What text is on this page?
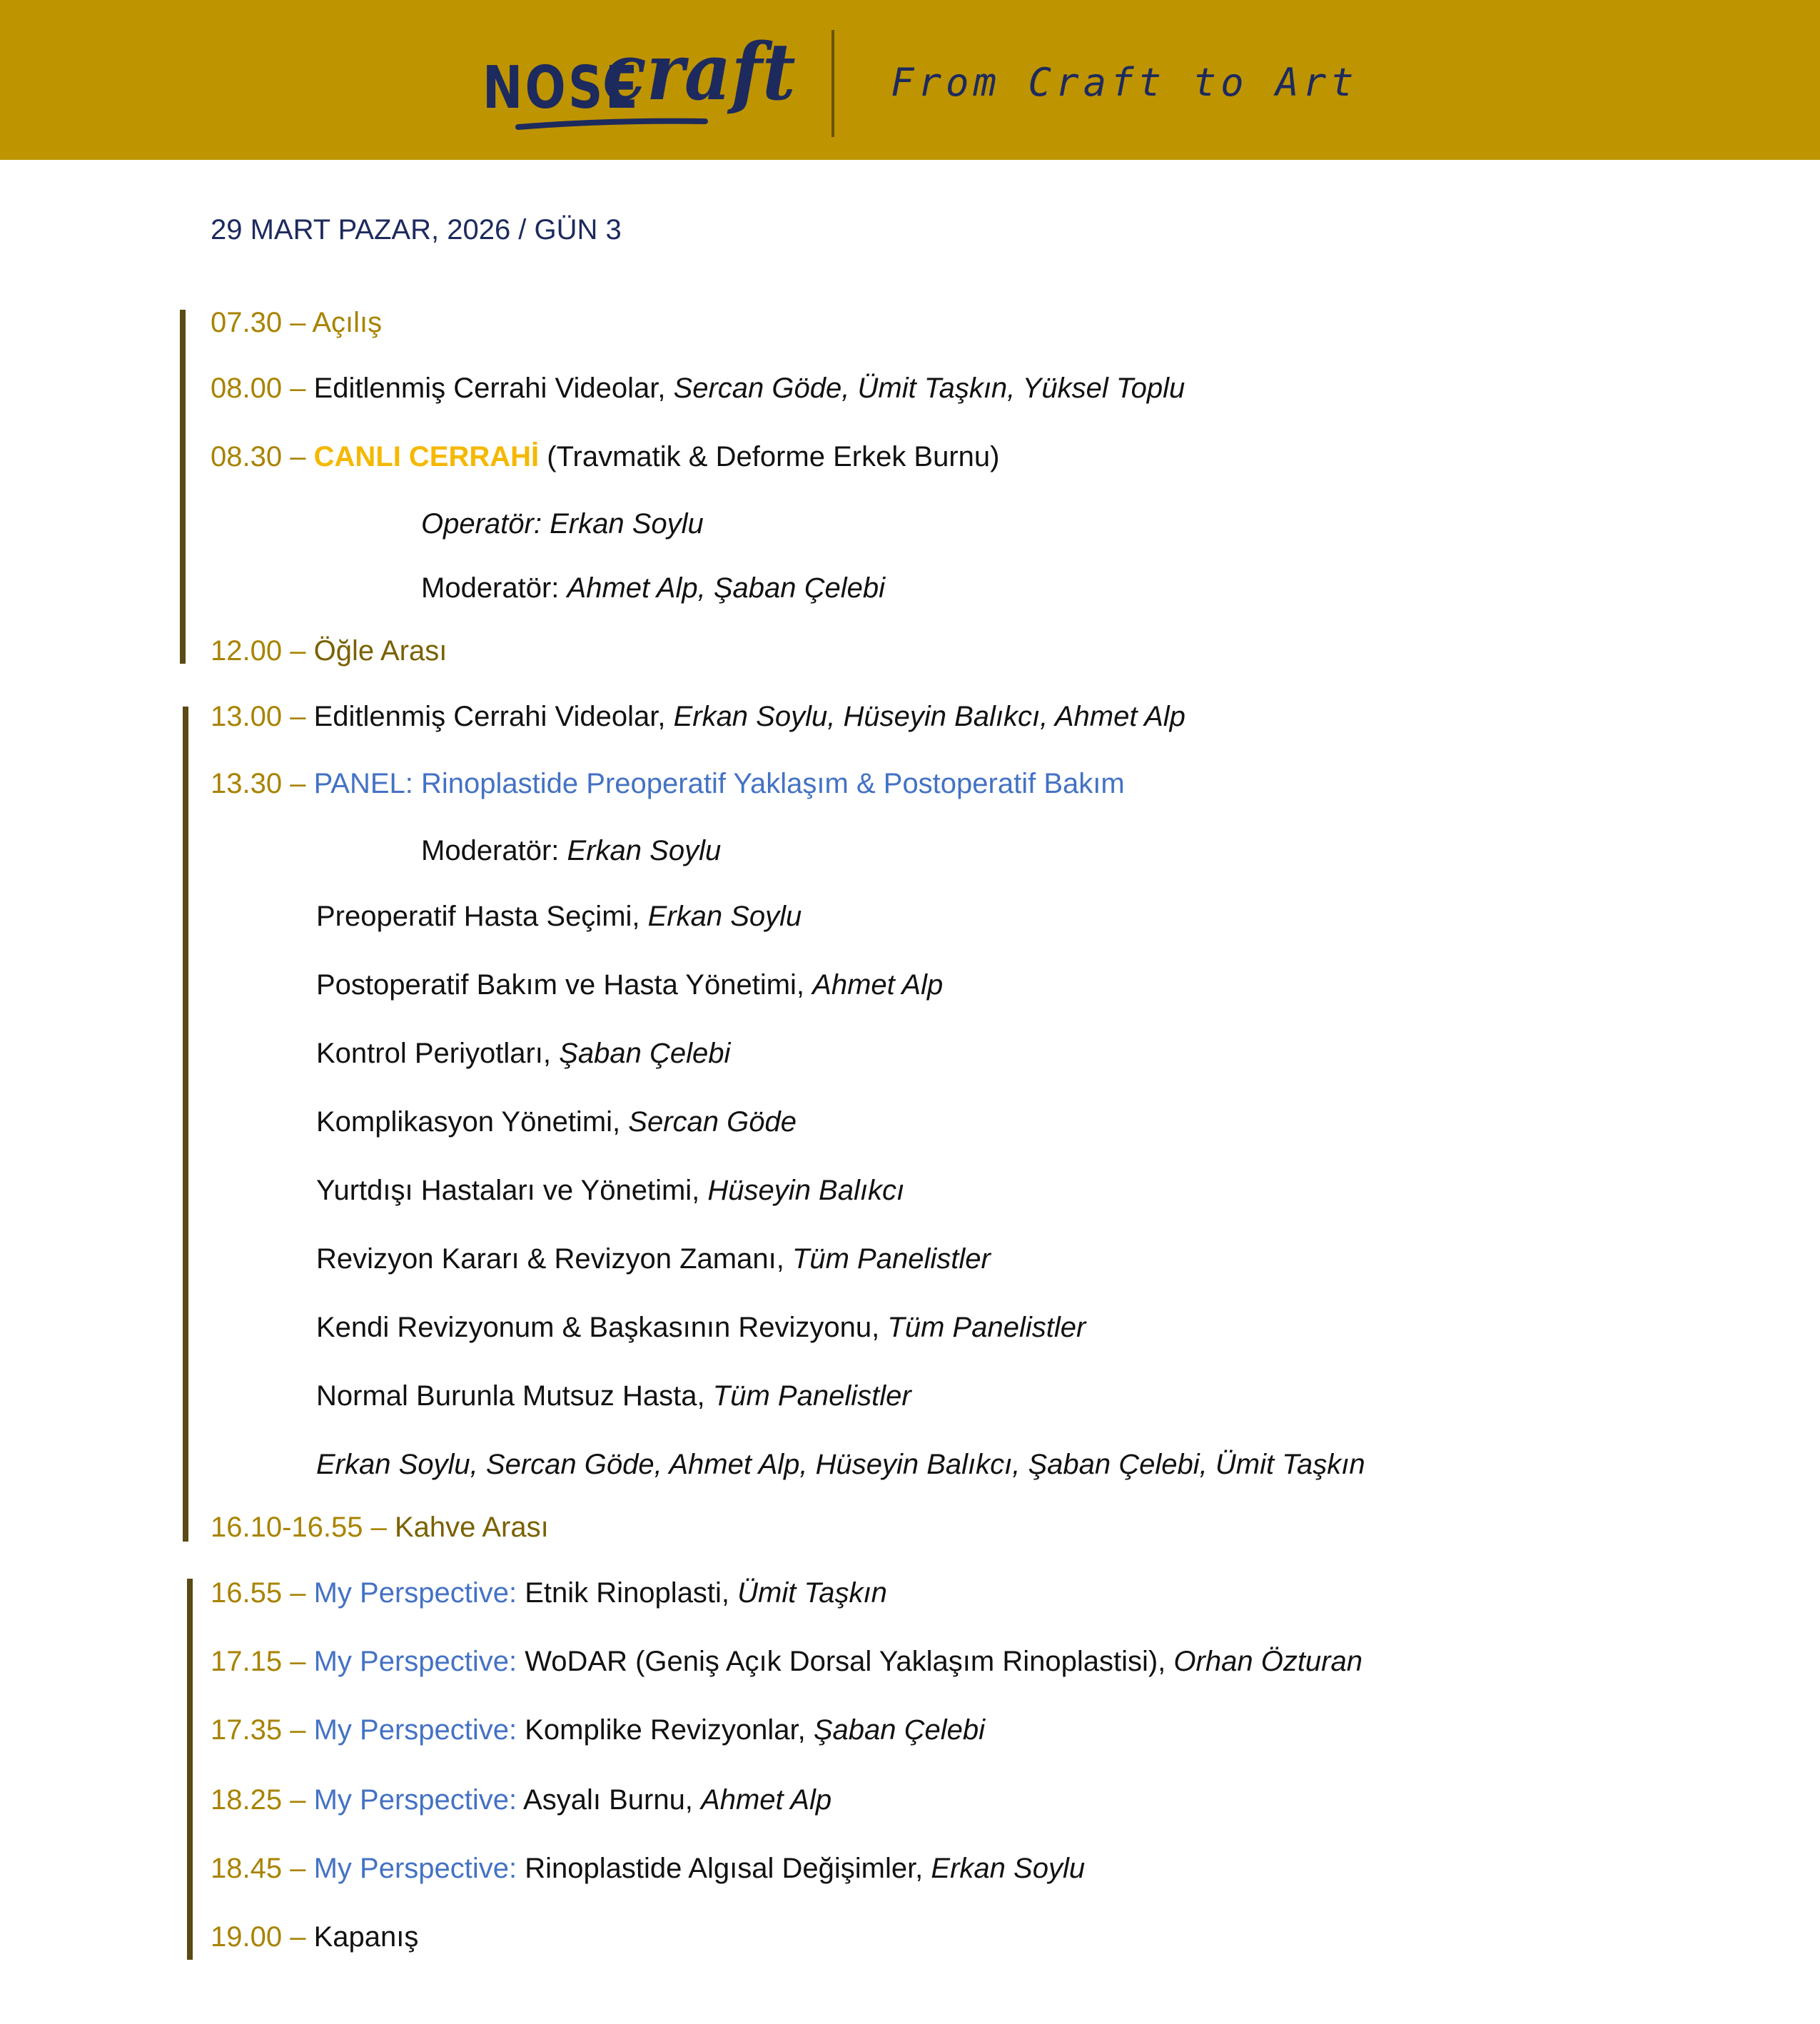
NOSE
craft From Craft to Art
29 MART PAZAR, 2026 / GÜN 3
07.30 – Açılış
08.00 – Editlenmiş Cerrahi Videolar, Sercan Göde, Ümit Taşkın, Yüksel Toplu
08.30 – CANLI CERRAHİ (Travmatik & Deforme Erkek Burnu)
Operatör: Erkan Soylu
Moderatör: Ahmet Alp, Şaban Çelebi
12.00 – Öğle Arası
13.00 – Editlenmiş Cerrahi Videolar, Erkan Soylu, Hüseyin Balıkcı, Ahmet Alp
13.30 – PANEL: Rinoplastide Preoperatif Yaklaşım & Postoperatif Bakım
Moderatör: Erkan Soylu
Preoperatif Hasta Seçimi, Erkan Soylu
Postoperatif Bakım ve Hasta Yönetimi, Ahmet Alp
Kontrol Periyotları, Şaban Çelebi
Komplikasyon Yönetimi, Sercan Göde
Yurtdışı Hastaları ve Yönetimi, Hüseyin Balıkcı
Revizyon Kararı & Revizyon Zamanı, Tüm Panelistler
Kendi Revizyonum & Başkasının Revizyonu, Tüm Panelistler
Normal Burunla Mutsuz Hasta, Tüm Panelistler
Erkan Soylu, Sercan Göde, Ahmet Alp, Hüseyin Balıkcı, Şaban Çelebi, Ümit Taşkın
16.10-16.55 – Kahve Arası
16.55 – My Perspective: Etnik Rinoplasti, Ümit Taşkın
17.15 – My Perspective: WoDAR (Geniş Açık Dorsal Yaklaşım Rinoplastisi), Orhan Özturan
17.35 – My Perspective: Komplike Revizyonlar, Şaban Çelebi
18.25 – My Perspective: Asyalı Burnu, Ahmet Alp
18.45 – My Perspective: Rinoplastide Algısal Değişimler, Erkan Soylu
19.00 – Kapanış
